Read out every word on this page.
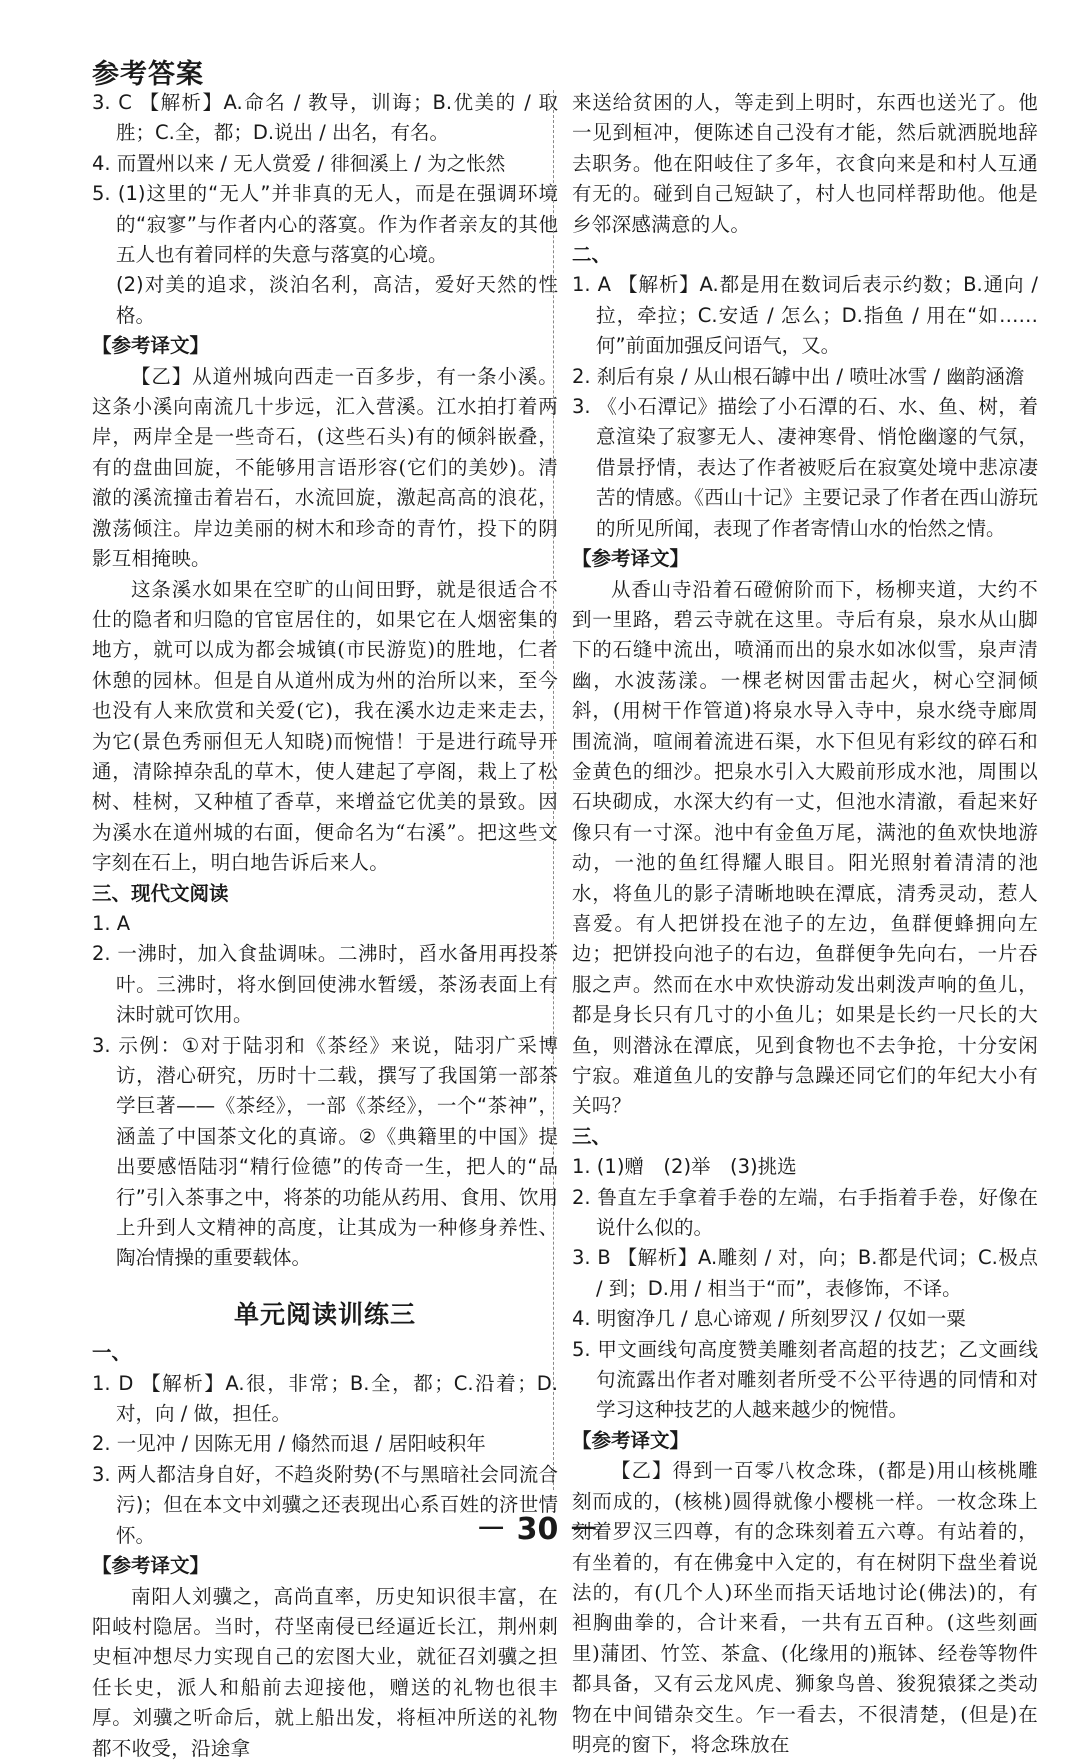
参考答案

3. C 【解析】A.命名 / 教导，训诲；B.优美的 / 取胜；C.全，都；D.说出 / 出名，有名。

4. 而置州以来 / 无人赏爱 / 徘徊溪上 / 为之怅然

5. (1)这里的“无人”并非真的无人，而是在强调环境的“寂寥”与作者内心的落寞。作为作者亲友的其他五人也有着同样的失意与落寞的心境。

(2)对美的追求，淡泊名利，高洁，爱好天然的性格。

【参考译文】

【乙】从道州城向西走一百多步，有一条小溪。这条小溪向南流几十步远，汇入营溪。江水拍打着两岸，两岸全是一些奇石，(这些石头)有的倾斜嵌叠，有的盘曲回旋，不能够用言语形容(它们的美妙)。清澈的溪流撞击着岩石，水流回旋，激起高高的浪花，激荡倾注。岸边美丽的树木和珍奇的青竹，投下的阴影互相掩映。

这条溪水如果在空旷的山间田野，就是很适合不仕的隐者和归隐的官宦居住的，如果它在人烟密集的地方，就可以成为都会城镇(市民游览)的胜地，仁者休憩的园林。但是自从道州成为州的治所以来，至今也没有人来欣赏和关爱(它)，我在溪水边走来走去，为它(景色秀丽但无人知晓)而惋惜！于是进行疏导开通，清除掉杂乱的草木，使人建起了亭阁，栽上了松树、桂树，又种植了香草，来增益它优美的景致。因为溪水在道州城的右面，便命名为“右溪”。把这些文字刻在石上，明白地告诉后来人。

三、现代文阅读

1. A

2. 一沸时，加入食盐调味。二沸时，舀水备用再投茶叶。三沸时，将水倒回使沸水暂缓，茶汤表面上有沫时就可饮用。

3. 示例：①对于陆羽和《茶经》来说，陆羽广采博访，潜心研究，历时十二载，撰写了我国第一部茶学巨著——《茶经》，一部《茶经》，一个“茶神”，涵盖了中国茶文化的真谛。②《典籍里的中国》提出要感悟陆羽“精行俭德”的传奇一生，把人的“品行”引入茶事之中，将茶的功能从药用、食用、饮用上升到人文精神的高度，让其成为一种修身养性、陶冶情操的重要载体。

单元阅读训练三

一、

1. D 【解析】A.很，非常；B.全，都；C.沿着；D.对，向 / 做，担任。

2. 一见冲 / 因陈无用 / 翛然而退 / 居阳岐积年

3. 两人都洁身自好，不趋炎附势(不与黑暗社会同流合污)；但在本文中刘骥之还表现出心系百姓的济世情怀。

【参考译文】

南阳人刘骥之，高尚直率，历史知识很丰富，在阳岐村隐居。当时，苻坚南侵已经逼近长江，荆州刺史桓冲想尽力实现自己的宏图大业，就征召刘骥之担任长史，派人和船前去迎接他，赠送的礼物也很丰厚。刘骥之听命后，就上船出发，将桓冲所送的礼物都不收受，沿途拿

来送给贫困的人，等走到上明时，东西也送光了。他一见到桓冲，便陈述自己没有才能，然后就洒脱地辞去职务。他在阳岐住了多年，衣食向来是和村人互通有无的。碰到自己短缺了，村人也同样帮助他。他是乡邻深感满意的人。

二、

1. A 【解析】A.都是用在数词后表示约数；B.通向 / 拉，牵拉；C.安适 / 怎么；D.指鱼 / 用在“如……何”前面加强反问语气，又。

2. 刹后有泉 / 从山根石罅中出 / 喷吐冰雪 / 幽韵涵澹

3. 《小石潭记》描绘了小石潭的石、水、鱼、树，着意渲染了寂寥无人、凄神寒骨、悄怆幽邃的气氛，借景抒情，表达了作者被贬后在寂寞处境中悲凉凄苦的情感。《西山十记》主要记录了作者在西山游玩的所见所闻，表现了作者寄情山水的怡然之情。

【参考译文】

从香山寺沿着石磴俯阶而下，杨柳夹道，大约不到一里路，碧云寺就在这里。寺后有泉，泉水从山脚下的石缝中流出，喷涌而出的泉水如冰似雪，泉声清幽，水波荡漾。一棵老树因雷击起火，树心空洞倾斜，(用树干作管道)将泉水导入寺中，泉水绕寺廊周围流淌，喧闹着流进石渠，水下但见有彩纹的碎石和金黄色的细沙。把泉水引入大殿前形成水池，周围以石块砌成，水深大约有一丈，但池水清澈，看起来好像只有一寸深。池中有金鱼万尾，满池的鱼欢快地游动，一池的鱼红得耀人眼目。阳光照射着清清的池水，将鱼儿的影子清晰地映在潭底，清秀灵动，惹人喜爱。有人把饼投在池子的左边，鱼群便蜂拥向左边；把饼投向池子的右边，鱼群便争先向右，一片吞服之声。然而在水中欢快游动发出刺泼声响的鱼儿，都是身长只有几寸的小鱼儿；如果是长约一尺长的大鱼，则潜泳在潭底，见到食物也不去争抢，十分安闲宁寂。难道鱼儿的安静与急躁还同它们的年纪大小有关吗？

三、

1. (1)赠　(2)举　(3)挑选

2. 鲁直左手拿着手卷的左端，右手指着手卷，好像在说什么似的。

3. B 【解析】A.雕刻 / 对，向；B.都是代词；C.极点 / 到；D.用 / 相当于“而”，表修饰，不译。

4. 明窗净几 / 息心谛观 / 所刻罗汉 / 仅如一粟

5. 甲文画线句高度赞美雕刻者高超的技艺；乙文画线句流露出作者对雕刻者所受不公平待遇的同情和对学习这种技艺的人越来越少的惋惜。

【参考译文】

【乙】得到一百零八枚念珠，(都是)用山核桃雕刻而成的，(核桃)圆得就像小樱桃一样。一枚念珠上刻着罗汉三四尊，有的念珠刻着五六尊。有站着的，有坐着的，有在佛龛中入定的，有在树阴下盘坐着说法的，有(几个人)环坐而指天话地讨论(佛法)的，有袒胸曲拳的，合计来看，一共有五百种。(这些刻画里)蒲团、竹笠、茶盒、(化缘用的)瓶钵、经卷等物件都具备，又有云龙风虎、狮象鸟兽、狻猊猿猱之类动物在中间错杂交生。乍一看去，不很清楚，(但是)在明亮的窗下，将念珠放在

－ 30 －
